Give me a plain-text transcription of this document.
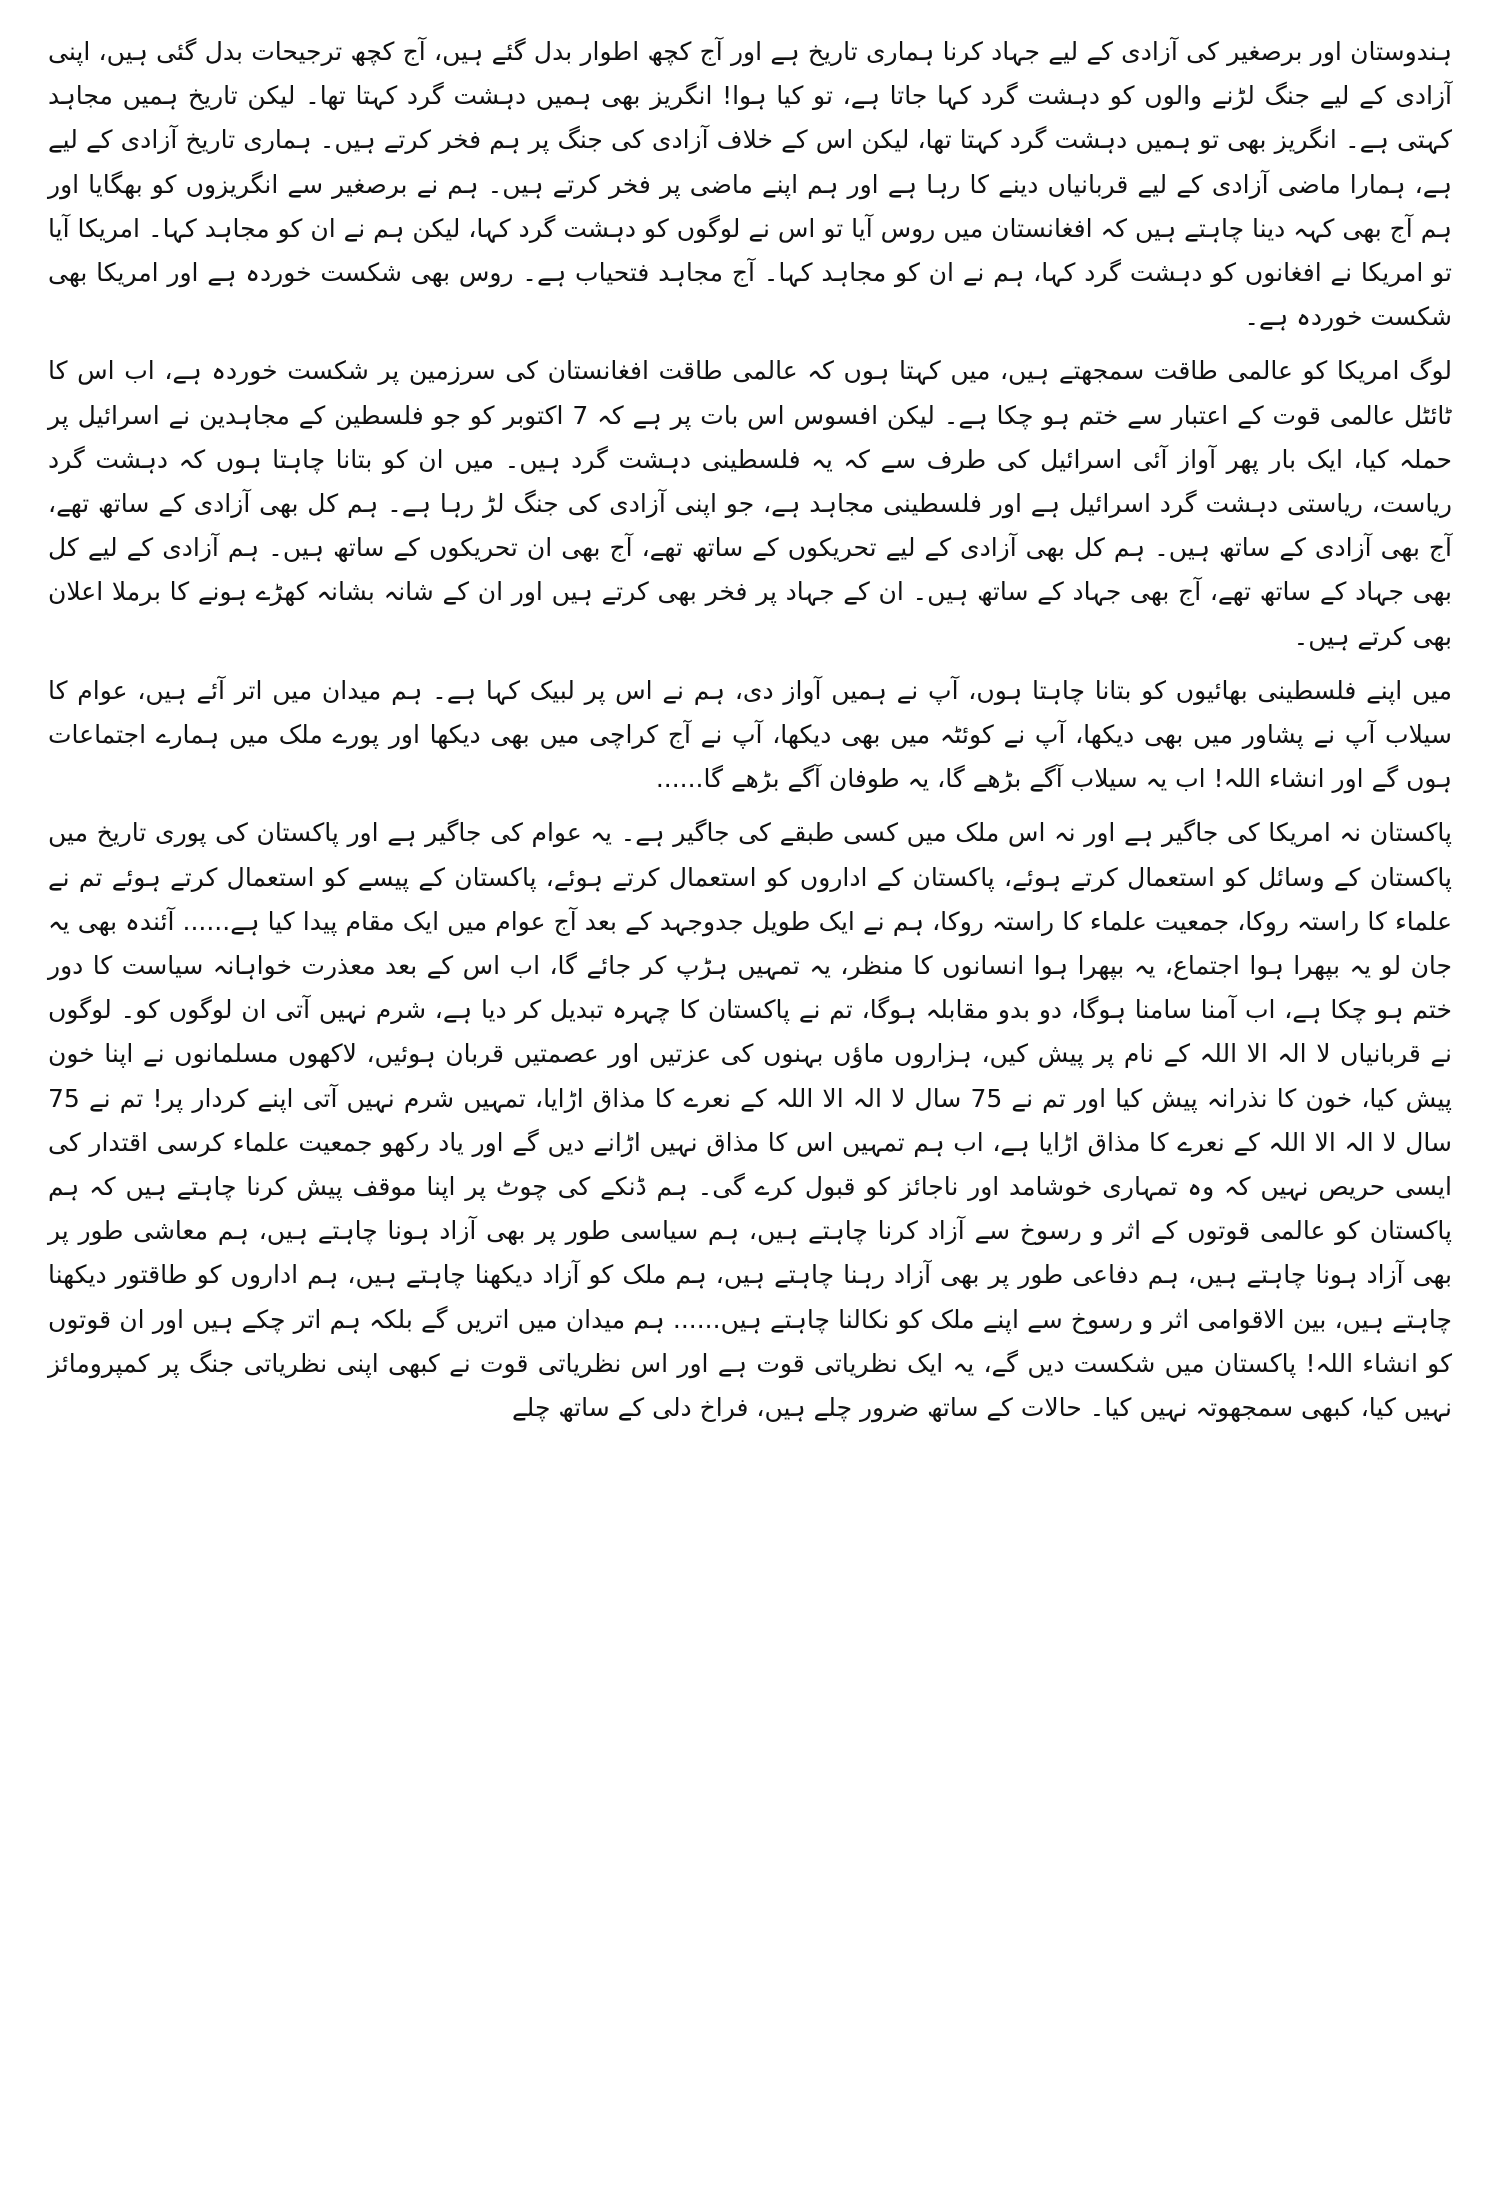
ہندوستان اور برصغیر کی آزادی کے لیے جہاد کرنا ہماری تاریخ ہے اور آج کچھ اطوار بدل گئے ہیں، آج کچھ ترجیحات بدل گئی ہیں، اپنی آزادی کے لیے جنگ لڑنے والوں کو دہشت گرد کہا جاتا ہے، تو کیا ہوا! انگریز بھی ہمیں دہشت گرد کہتا تھا۔ لیکن تاریخ ہمیں مجاہد کہتی ہے۔ انگریز بھی تو ہمیں دہشت گرد کہتا تھا، لیکن اس کے خلاف آزادی کی جنگ پر ہم فخر کرتے ہیں۔ ہماری تاریخ آزادی کے لیے ہے، ہمارا ماضی آزادی کے لیے قربانیاں دینے کا رہا ہے اور ہم اپنے ماضی پر فخر کرتے ہیں۔ ہم نے برصغیر سے انگریزوں کو بھگایا اور ہم آج بھی کہہ دینا چاہتے ہیں کہ افغانستان میں روس آیا تو اس نے لوگوں کو دہشت گرد کہا، لیکن ہم نے ان کو مجاہد کہا۔ امریکا آیا تو امریکا نے افغانوں کو دہشت گرد کہا، ہم نے ان کو مجاہد کہا۔ آج مجاہد فتحیاب ہے۔ روس بھی شکست خوردہ ہے اور امریکا بھی شکست خوردہ ہے۔

لوگ امریکا کو عالمی طاقت سمجھتے ہیں، میں کہتا ہوں کہ عالمی طاقت افغانستان کی سرزمین پر شکست خوردہ ہے، اب اس کا ٹائٹل عالمی قوت کے اعتبار سے ختم ہو چکا ہے۔ لیکن افسوس اس بات پر ہے کہ 7 اکتوبر کو جو فلسطین کے مجاہدین نے اسرائیل پر حملہ کیا، ایک بار پھر آواز آئی اسرائیل کی طرف سے کہ یہ فلسطینی دہشت گرد ہیں۔ میں ان کو بتانا چاہتا ہوں کہ دہشت گرد ریاست، ریاستی دہشت گرد اسرائیل ہے اور فلسطینی مجاہد ہے، جو اپنی آزادی کی جنگ لڑ رہا ہے۔ ہم کل بھی آزادی کے ساتھ تھے، آج بھی آزادی کے ساتھ ہیں۔ ہم کل بھی آزادی کے لیے تحریکوں کے ساتھ تھے، آج بھی ان تحریکوں کے ساتھ ہیں۔ ہم آزادی کے لیے کل بھی جہاد کے ساتھ تھے، آج بھی جہاد کے ساتھ ہیں۔ ان کے جہاد پر فخر بھی کرتے ہیں اور ان کے شانہ بشانہ کھڑے ہونے کا برملا اعلان بھی کرتے ہیں۔

میں اپنے فلسطینی بھائیوں کو بتانا چاہتا ہوں، آپ نے ہمیں آواز دی، ہم نے اس پر لبیک کہا ہے۔ ہم میدان میں اتر آئے ہیں، عوام کا سیلاب آپ نے پشاور میں بھی دیکھا، آپ نے کوئٹہ میں بھی دیکھا، آپ نے آج کراچی میں بھی دیکھا اور پورے ملک میں ہمارے اجتماعات ہوں گے اور انشاء اللہ! اب یہ سیلاب آگے بڑھے گا، یہ طوفان آگے بڑھے گا......

پاکستان نہ امریکا کی جاگیر ہے اور نہ اس ملک میں کسی طبقے کی جاگیر ہے۔ یہ عوام کی جاگیر ہے اور پاکستان کی پوری تاریخ میں پاکستان کے وسائل کو استعمال کرتے ہوئے، پاکستان کے اداروں کو استعمال کرتے ہوئے، پاکستان کے پیسے کو استعمال کرتے ہوئے تم نے علماء کا راستہ روکا، جمعیت علماء کا راستہ روکا، ہم نے ایک طویل جدوجہد کے بعد آج عوام میں ایک مقام پیدا کیا ہے...... آئندہ بھی یہ جان لو یہ بپھرا ہوا اجتماع، یہ بپھرا ہوا انسانوں کا منظر، یہ تمہیں ہڑپ کر جائے گا، اب اس کے بعد معذرت خواہانہ سیاست کا دور ختم ہو چکا ہے، اب آمنا سامنا ہوگا، دو بدو مقابلہ ہوگا، تم نے پاکستان کا چہرہ تبدیل کر دیا ہے، شرم نہیں آتی ان لوگوں کو۔ لوگوں نے قربانیاں لا الہ الا اللہ کے نام پر پیش کیں، ہزاروں ماؤں بہنوں کی عزتیں اور عصمتیں قربان ہوئیں، لاکھوں مسلمانوں نے اپنا خون پیش کیا، خون کا نذرانہ پیش کیا اور تم نے 75 سال لا الہ الا اللہ کے نعرے کا مذاق اڑایا، تمہیں شرم نہیں آتی اپنے کردار پر! تم نے 75 سال لا الہ الا اللہ کے نعرے کا مذاق اڑایا ہے، اب ہم تمہیں اس کا مذاق نہیں اڑانے دیں گے اور یاد رکھو جمعیت علماء کرسی اقتدار کی ایسی حریص نہیں کہ وہ تمہاری خوشامد اور ناجائز کو قبول کرے گی۔ ہم ڈنکے کی چوٹ پر اپنا موقف پیش کرنا چاہتے ہیں کہ ہم پاکستان کو عالمی قوتوں کے اثر و رسوخ سے آزاد کرنا چاہتے ہیں، ہم سیاسی طور پر بھی آزاد ہونا چاہتے ہیں، ہم معاشی طور پر بھی آزاد ہونا چاہتے ہیں، ہم دفاعی طور پر بھی آزاد رہنا چاہتے ہیں، ہم ملک کو آزاد دیکھنا چاہتے ہیں، ہم اداروں کو طاقتور دیکھنا چاہتے ہیں، بین الاقوامی اثر و رسوخ سے اپنے ملک کو نکالنا چاہتے ہیں...... ہم میدان میں اتریں گے بلکہ ہم اتر چکے ہیں اور ان قوتوں کو انشاء اللہ! پاکستان میں شکست دیں گے، یہ ایک نظریاتی قوت ہے اور اس نظریاتی قوت نے کبھی اپنی نظریاتی جنگ پر کمپرومائز نہیں کیا، کبھی سمجھوتہ نہیں کیا۔ حالات کے ساتھ ضرور چلے ہیں، فراخ دلی کے ساتھ چلے
